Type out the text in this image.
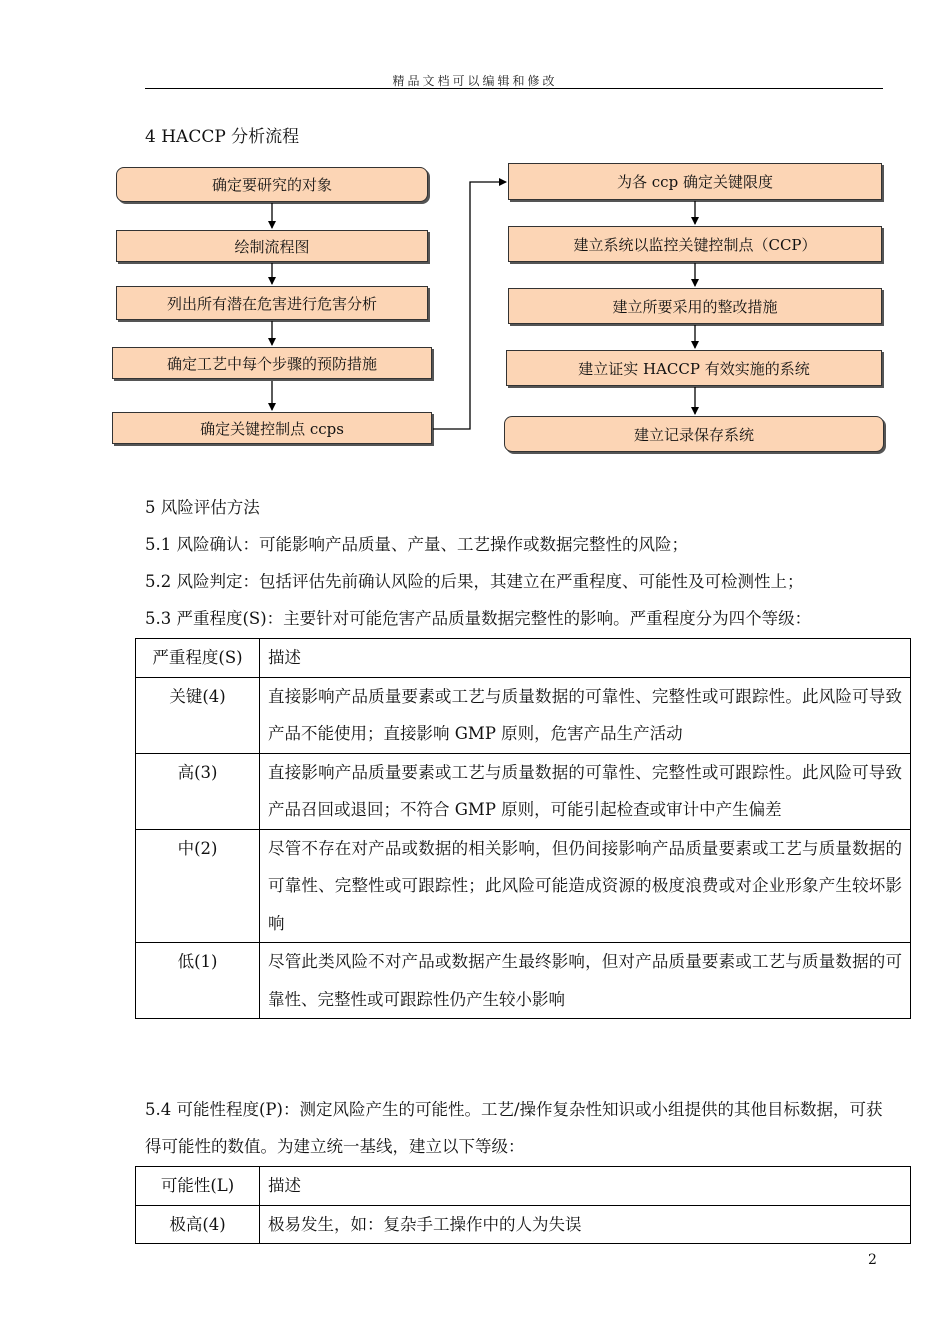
精品文档可以编辑和修改
4 HACCP 分析流程
确定要研究的对象
绘制流程图
列出所有潜在危害进行危害分析
确定工艺中每个步骤的预防措施
确定关键控制点 ccps
为各 ccp 确定关键限度
建立系统以监控关键控制点（CCP）
建立所要采用的整改措施
建立证实 HACCP 有效实施的系统
建立记录保存系统
5 风险评估方法
5.1 风险确认：可能影响产品质量、产量、工艺操作或数据完整性的风险；
5.2 风险判定：包括评估先前确认风险的后果，其建立在严重程度、可能性及可检测性上；
5.3 严重程度(S)：主要针对可能危害产品质量数据完整性的影响。严重程度分为四个等级：
严重程度(S)	描述
关键(4)	直接影响产品质量要素或工艺与质量数据的可靠性、完整性或可跟踪性。此风险可导致产品不能使用；直接影响 GMP 原则，危害产品生产活动
高(3)	直接影响产品质量要素或工艺与质量数据的可靠性、完整性或可跟踪性。此风险可导致产品召回或退回；不符合 GMP 原则，可能引起检查或审计中产生偏差
中(2)	尽管不存在对产品或数据的相关影响，但仍间接影响产品质量要素或工艺与质量数据的可靠性、完整性或可跟踪性；此风险可能造成资源的极度浪费或对企业形象产生较坏影响
低(1)	尽管此类风险不对产品或数据产生最终影响，但对产品质量要素或工艺与质量数据的可靠性、完整性或可跟踪性仍产生较小影响
5.4 可能性程度(P)：测定风险产生的可能性。工艺/操作复杂性知识或小组提供的其他目标数据，可获得可能性的数值。为建立统一基线，建立以下等级：
可能性(L)	描述
极高(4)	极易发生，如：复杂手工操作中的人为失误
2
